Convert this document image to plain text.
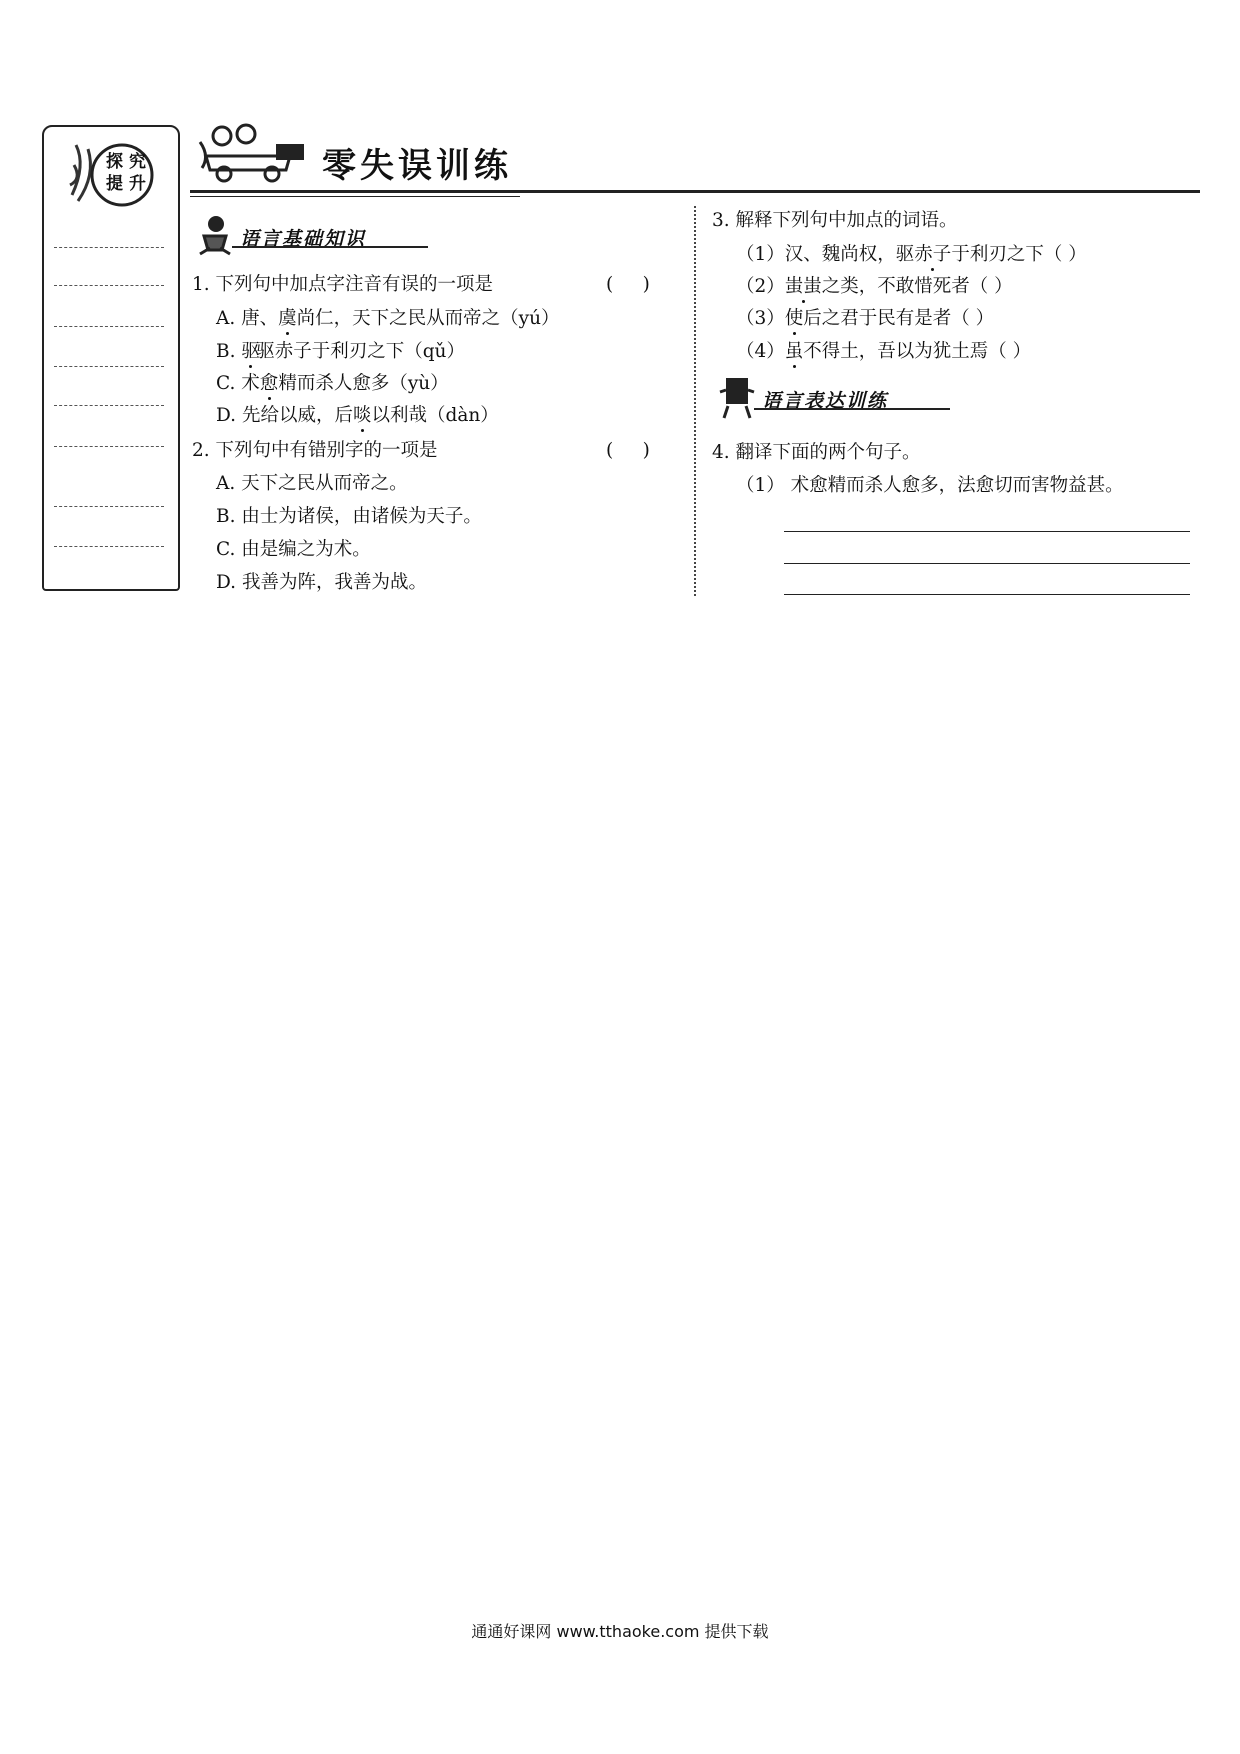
探 究
提 升	零失误训练
语言基础知识
1. 下列句中加点字注音有误的一项是	(     )
A. 唐、虞尚仁，天下之民从而帝之（yú）
B. 驱驱赤子于利刃之下（qǔ）
C. 术愈精而杀人愈多（yù）
D. 先给以威，后啖以利哉（dàn）
2. 下列句中有错别字的一项是	(     )
A. 天下之民从而帝之。
B. 由士为诸侯，由诸候为天子。
C. 由是编之为术。
D. 我善为阵，我善为战。
3. 解释下列句中加点的词语。
（1）汉、魏尚权，驱赤子于利刃之下（ ）
（2）蚩蚩之类，不敢惜死者（ ）
（3）使后之君于民有是者（ ）
（4）虽不得土，吾以为犹土焉（ ）
语言表达训练
4. 翻译下面的两个句子。
（1） 术愈精而杀人愈多，法愈切而害物益甚。
通通好课网 www.tthaoke.com 提供下载
